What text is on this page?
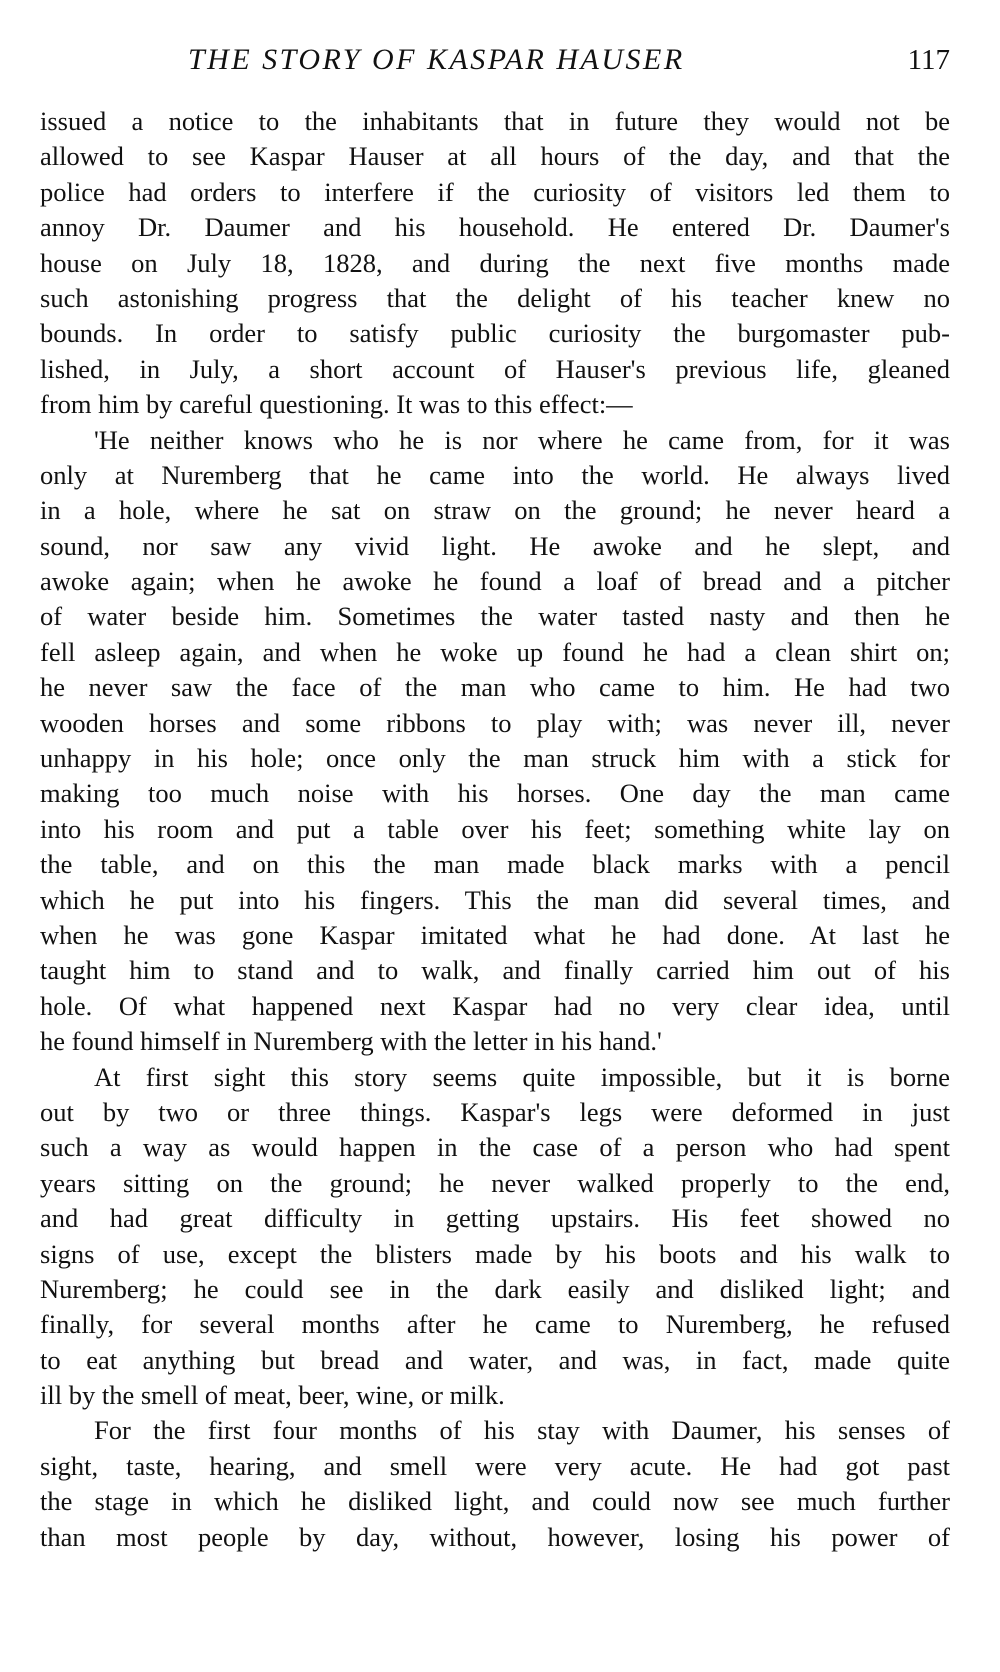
THE STORY OF KASPAR HAUSER	117
issued a notice to the inhabitants that in future they would not be
allowed to see Kaspar Hauser at all hours of the day, and that the
police had orders to interfere if the curiosity of visitors led them to
annoy Dr. Daumer and his household. He entered Dr. Daumer's
house on July 18, 1828, and during the next five months made
such astonishing progress that the delight of his teacher knew no
bounds. In order to satisfy public curiosity the burgomaster pub-
lished, in July, a short account of Hauser's previous life, gleaned
from him by careful questioning. It was to this effect:—
'He neither knows who he is nor where he came from, for it was
only at Nuremberg that he came into the world. He always lived
in a hole, where he sat on straw on the ground; he never heard a
sound, nor saw any vivid light. He awoke and he slept, and
awoke again; when he awoke he found a loaf of bread and a pitcher
of water beside him. Sometimes the water tasted nasty and then he
fell asleep again, and when he woke up found he had a clean shirt on;
he never saw the face of the man who came to him. He had two
wooden horses and some ribbons to play with; was never ill, never
unhappy in his hole; once only the man struck him with a stick for
making too much noise with his horses. One day the man came
into his room and put a table over his feet; something white lay on
the table, and on this the man made black marks with a pencil
which he put into his fingers. This the man did several times, and
when he was gone Kaspar imitated what he had done. At last he
taught him to stand and to walk, and finally carried him out of his
hole. Of what happened next Kaspar had no very clear idea, until
he found himself in Nuremberg with the letter in his hand.'
At first sight this story seems quite impossible, but it is borne
out by two or three things. Kaspar's legs were deformed in just
such a way as would happen in the case of a person who had spent
years sitting on the ground; he never walked properly to the end,
and had great difficulty in getting upstairs. His feet showed no
signs of use, except the blisters made by his boots and his walk to
Nuremberg; he could see in the dark easily and disliked light; and
finally, for several months after he came to Nuremberg, he refused
to eat anything but bread and water, and was, in fact, made quite
ill by the smell of meat, beer, wine, or milk.
For the first four months of his stay with Daumer, his senses of
sight, taste, hearing, and smell were very acute. He had got past
the stage in which he disliked light, and could now see much further
than most people by day, without, however, losing his power of
